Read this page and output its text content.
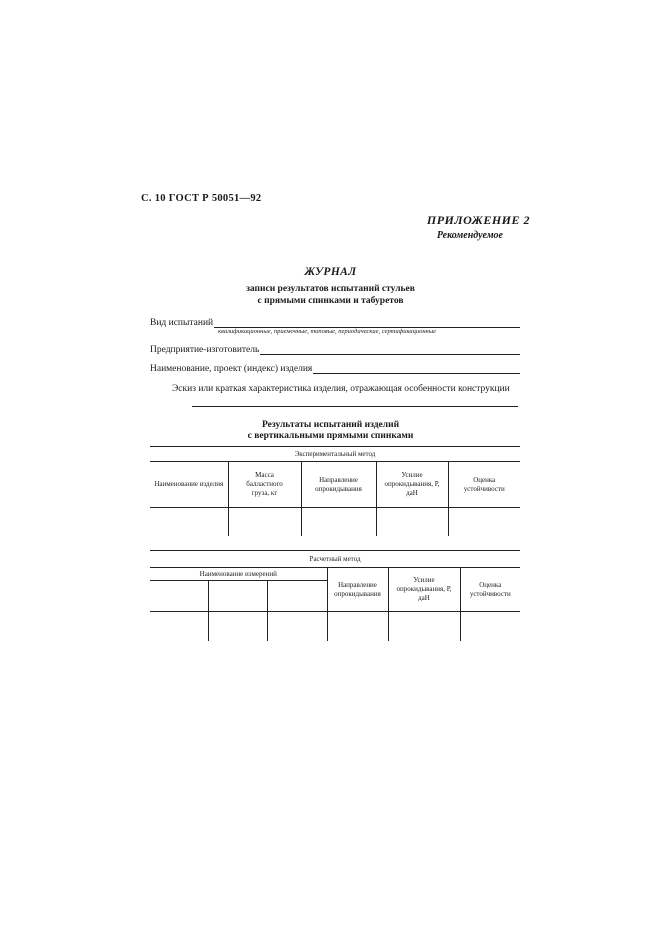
С. 10 ГОСТ Р 50051—92
ПРИЛОЖЕНИЕ 2
Рекомендуемое
ЖУРНАЛ
записи результатов испытаний стульев
с прямыми спинками и табуретов
Вид испытаний
квалификационные, приемочные, типовые, периодические, сертификационные
Предприятие-изготовитель
Наименование, проект (индекс) изделия
Эскиз или краткая характеристика изделия, отражающая особенности конструкции
Результаты испытаний изделий
с вертикальными прямыми спинками
Экспериментальный метод				
Наименование изделия	Масса балластного груза, кг	Направление опрокидывания	Усилие опрокидывания, Р, даН	Оценка устойчивости

Расчетный метод					
Наименование измерений			Направление опрокидывания	Усилие опрокидывания, Р, даН	Оценка устойчивости
